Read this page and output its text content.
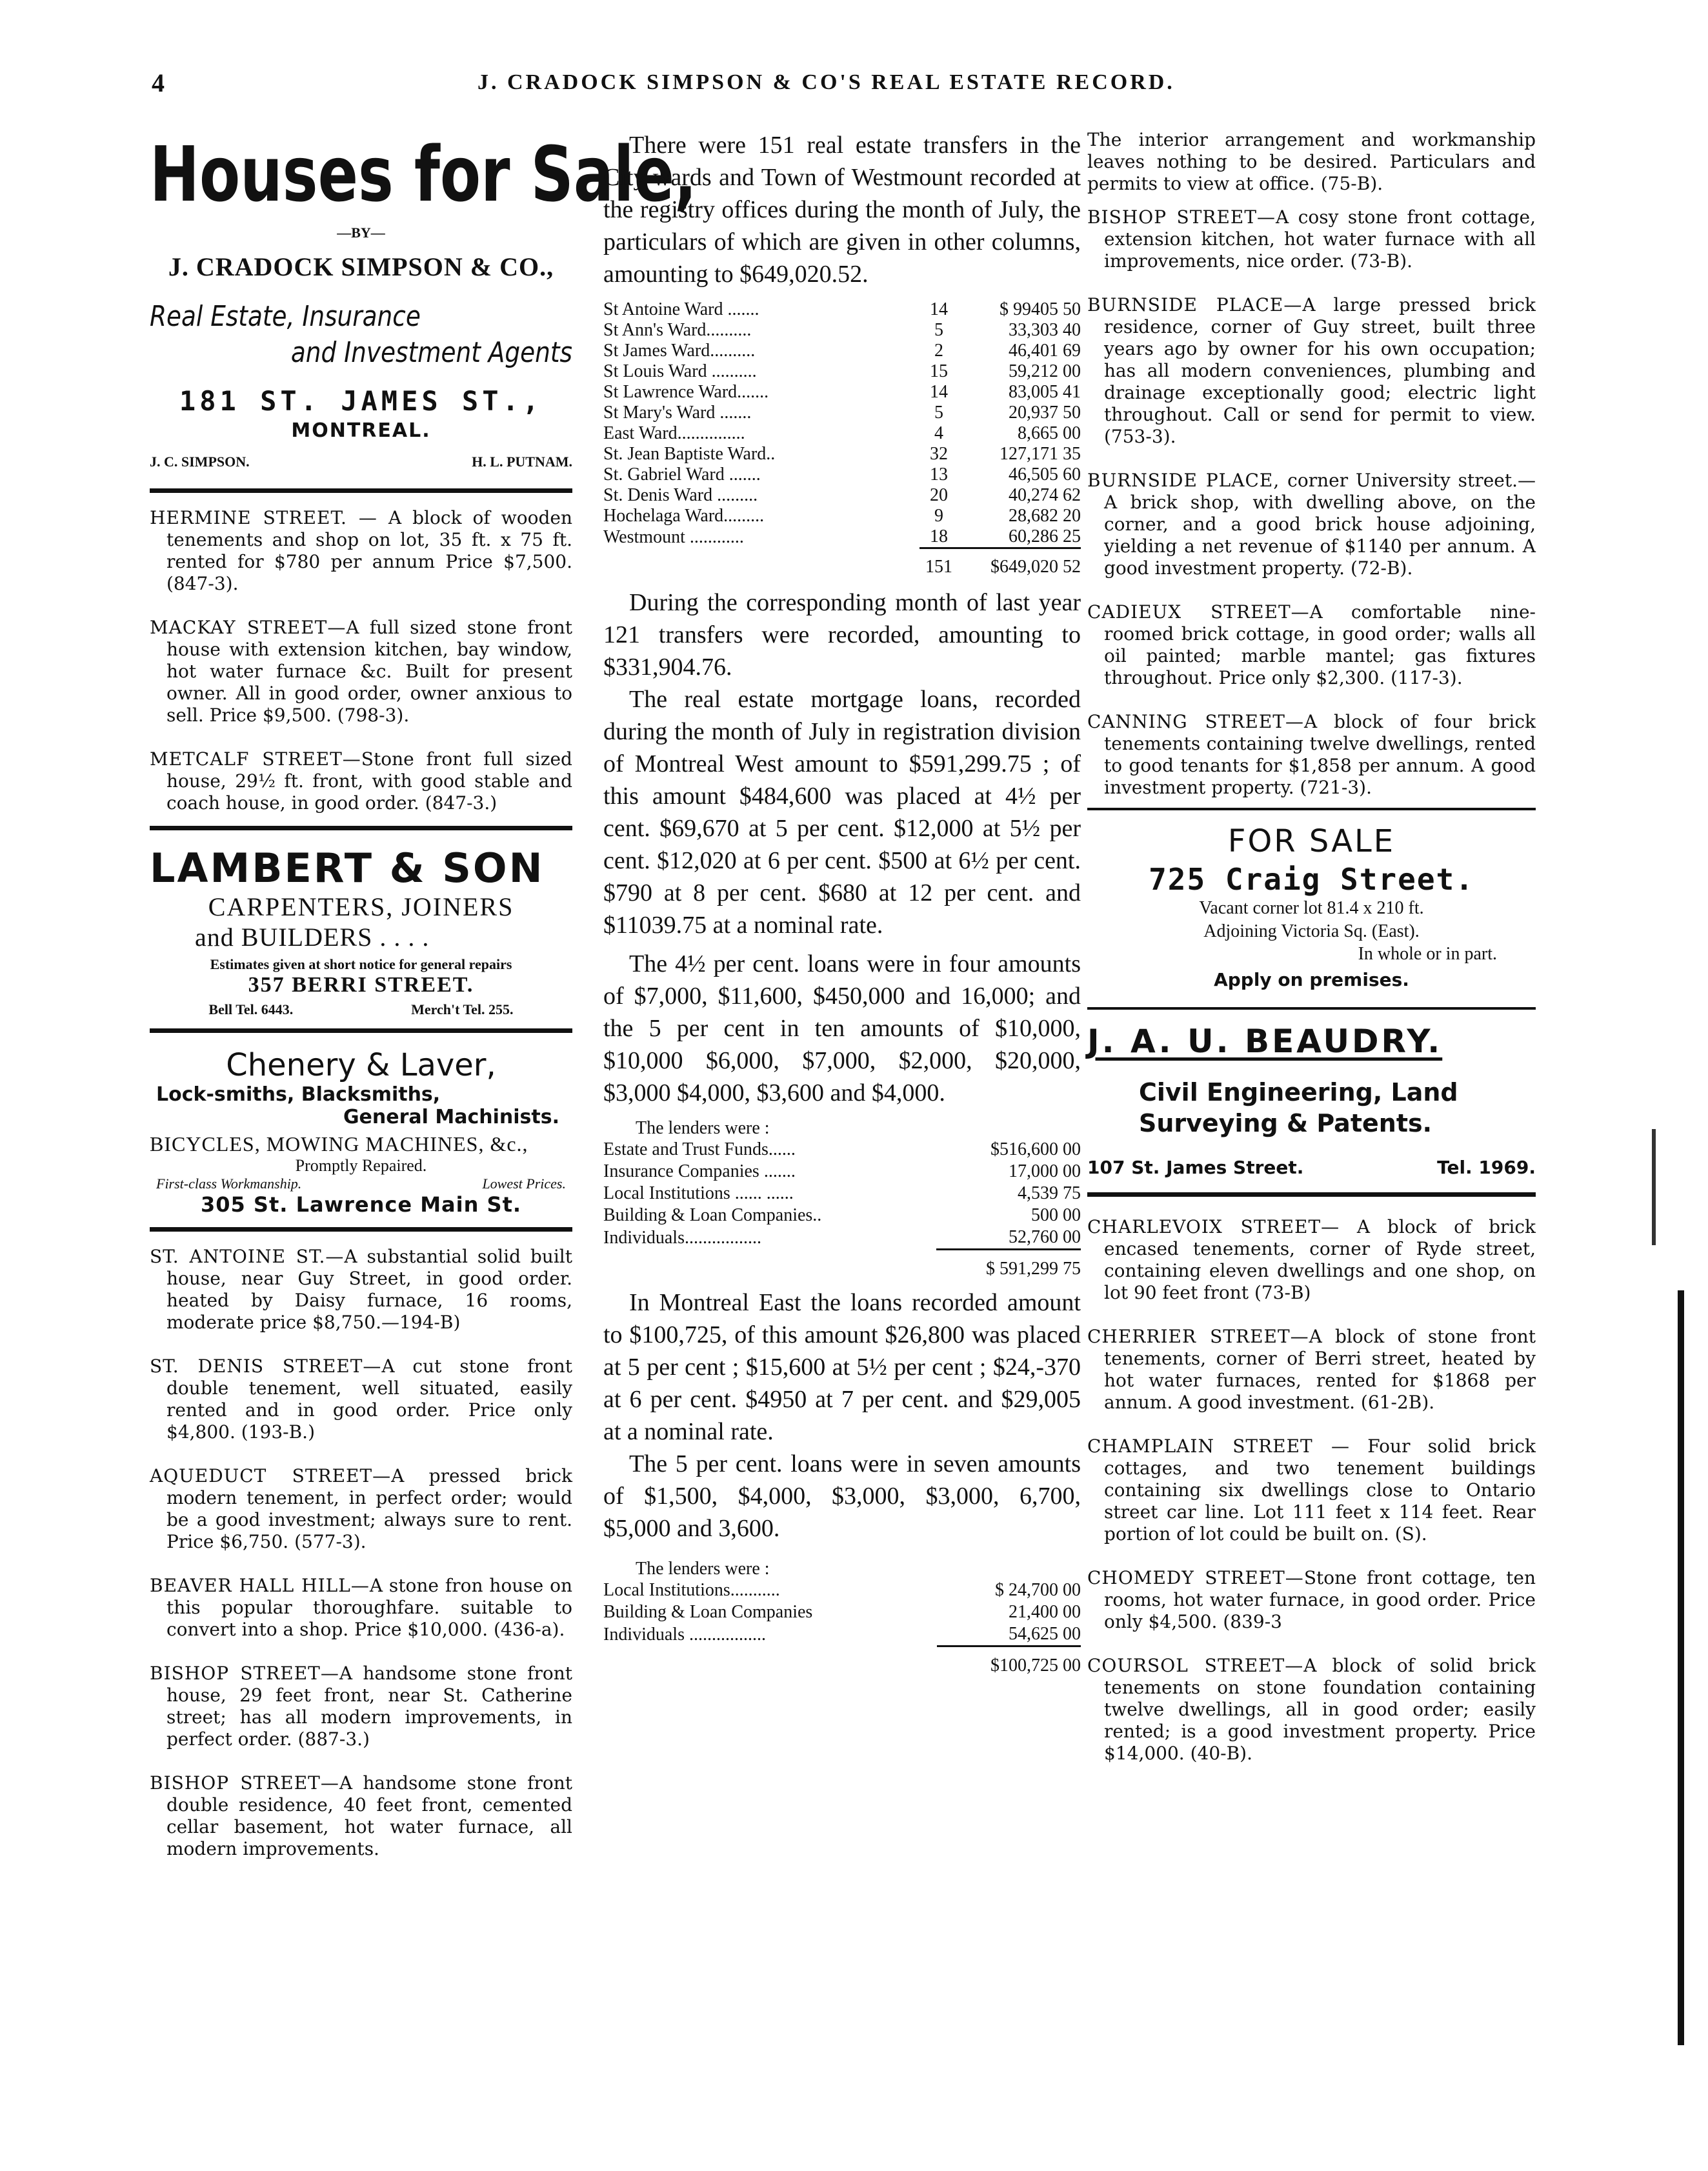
4	J. CRADOCK SIMPSON & CO'S REAL ESTATE RECORD.
Houses for Sale,
—BY—
J. CRADOCK SIMPSON & CO.,
Real Estate, Insurance
and Investment Agents
181 ST. JAMES ST.,
MONTREAL.
J. C. SIMPSON.	H. L. PUTNAM.
HERMINE STREET. — A block of wooden tenements and shop on lot, 35 ft. x 75 ft. rented for $780 per annum Price $7,500.(847-3).
MACKAY STREET—A full sized stone front house with extension kitchen, bay window, hot water furnace &c. Built for present owner. All in good order, owner anxious to sell. Price $9,500. (798-3).
METCALF STREET—Stone front full sized house, 29½ ft. front, with good stable and coach house, in good order. (847-3.)
LAMBERT & SON
CARPENTERS, JOINERS
and BUILDERS . . . .
Estimates given at short notice for general repairs
357 BERRI STREET.
Bell Tel. 6443.	Merch't Tel. 255.
Chenery & Laver,
Lock-smiths, Blacksmiths,
General Machinists.
BICYCLES, MOWING MACHINES, &c.,
Promptly Repaired.
First-class Workmanship.	Lowest Prices.
305 St. Lawrence Main St.
ST. ANTOINE ST.—A substantial solid built house, near Guy Street, in good order. heated by Daisy furnace, 16 rooms, moderate price $8,750.—194-B)
ST. DENIS STREET—A cut stone front double tenement, well situated, easily rented and in good order. Price only $4,800. (193-B.)
AQUEDUCT STREET—A pressed brick modern tenement, in perfect order; would be a good investment; always sure to rent. Price $6,750. (577-3).
BEAVER HALL HILL—A stone fron house on this popular thoroughfare. suitable to convert into a shop. Price $10,000. (436-a).
BISHOP STREET—A handsome stone front house, 29 feet front, near St. Catherine street; has all modern improvements, in perfect order. (887-3.)
BISHOP STREET—A handsome stone front double residence, 40 feet front, cemented cellar basement, hot water furnace, all modern improvements.

There were 151 real estate transfers in the City wards and Town of Westmount recorded at the registry offices during the month of July, the particulars of which are given in other columns, amounting to $649,020.52.

St Antoine Ward .......	14	$ 99405 50
St Ann's Ward..........	5	33,303 40
St James Ward..........	2	46,401 69
St Louis Ward ..........	15	59,212 00
St Lawrence Ward.......	14	83,005 41
St Mary's Ward .......	5	20,937 50
East Ward...............	4	8,665 00
St. Jean Baptiste Ward..	32	127,171 35
St. Gabriel Ward .......	13	46,505 60
St. Denis Ward .........	20	40,274 62
Hochelaga Ward.........	9	28,682 20
Westmount ............	18	60,286 25
	151	$649,020 52

During the corresponding month of last year 121 transfers were recorded, amounting to $331,904.76.

The real estate mortgage loans, recorded during the month of July in registration division of Montreal West amount to $591,299.75 ; of this amount $484,600 was placed at 4½ per cent. $69,670 at 5 per cent. $12,000 at 5½ per cent. $12,020 at 6 per cent. $500 at 6½ per cent. $790 at 8 per cent. $680 at 12 per cent. and $11039.75 at a nominal rate.

The 4½ per cent. loans were in four amounts of $7,000, $11,600, $450,000 and 16,000; and the 5 per cent in ten amounts of $10,000, $10,000 $6,000, $7,000, $2,000, $20,000, $3,000 $4,000, $3,600 and $4,000.

The lenders were :
Estate and Trust Funds......	$516,600 00
Insurance Companies .......	17,000 00
Local Institutions ...... ......	4,539 75
Building & Loan Companies..	500 00
Individuals.................	52,760 00
	$ 591,299 75

In Montreal East the loans recorded amount to $100,725, of this amount $26,800 was placed at 5 per cent ; $15,600 at 5½ per cent ; $24,-370 at 6 per cent. $4950 at 7 per cent. and $29,005 at a nominal rate.

The 5 per cent. loans were in seven amounts of $1,500, $4,000, $3,000, $3,000, 6,700, $5,000 and 3,600.

The lenders were :
Local Institutions...........	$ 24,700 00
Building & Loan Companies	21,400 00
Individuals .................	54,625 00
	$100,725 00
The interior arrangement and workmanship leaves nothing to be desired. Particulars and permits to view at office. (75-B).
BISHOP STREET—A cosy stone front cottage, extension kitchen, hot water furnace with all improvements, nice order. (73-B).
BURNSIDE PLACE—A large pressed brick residence, corner of Guy street, built three years ago by owner for his own occupation; has all modern conveniences, plumbing and drainage exceptionally good; electric light throughout. Call or send for permit to view. (753-3).
BURNSIDE PLACE, corner University street.—A brick shop, with dwelling above, on the corner, and a good brick house adjoining, yielding a net revenue of $1140 per annum. A good investment property. (72-B).
CADIEUX STREET—A comfortable nine-roomed brick cottage, in good order; walls all oil painted; marble mantel; gas fixtures throughout. Price only $2,300. (117-3).
CANNING STREET—A block of four brick tenements containing twelve dwellings, rented to good tenants for $1,858 per annum. A good investment property. (721-3).
FOR SALE
725 Craig Street.
Vacant corner lot 81.4 x 210 ft.
Adjoining Victoria Sq. (East).
In whole or in part.
Apply on premises.
J. A. U. BEAUDRY.
Civil Engineering, Land
Surveying & Patents.
107 St. James Street.	Tel. 1969.
CHARLEVOIX STREET— A block of brick encased tenements, corner of Ryde street, containing eleven dwellings and one shop, on lot 90 feet front (73-B)
CHERRIER STREET—A block of stone front tenements, corner of Berri street, heated by hot water furnaces, rented for $1868 per annum. A good investment. (61-2B).
CHAMPLAIN STREET — Four solid brick cottages, and two tenement buildings containing six dwellings close to Ontario street car line. Lot 111 feet x 114 feet. Rear portion of lot could be built on. (S).
CHOMEDY STREET—Stone front cottage, ten rooms, hot water furnace, in good order. Price only $4,500. (839-3
COURSOL STREET—A block of solid brick tenements on stone foundation containing twelve dwellings, all in good order; easily rented; is a good investment property. Price $14,000. (40-B).
